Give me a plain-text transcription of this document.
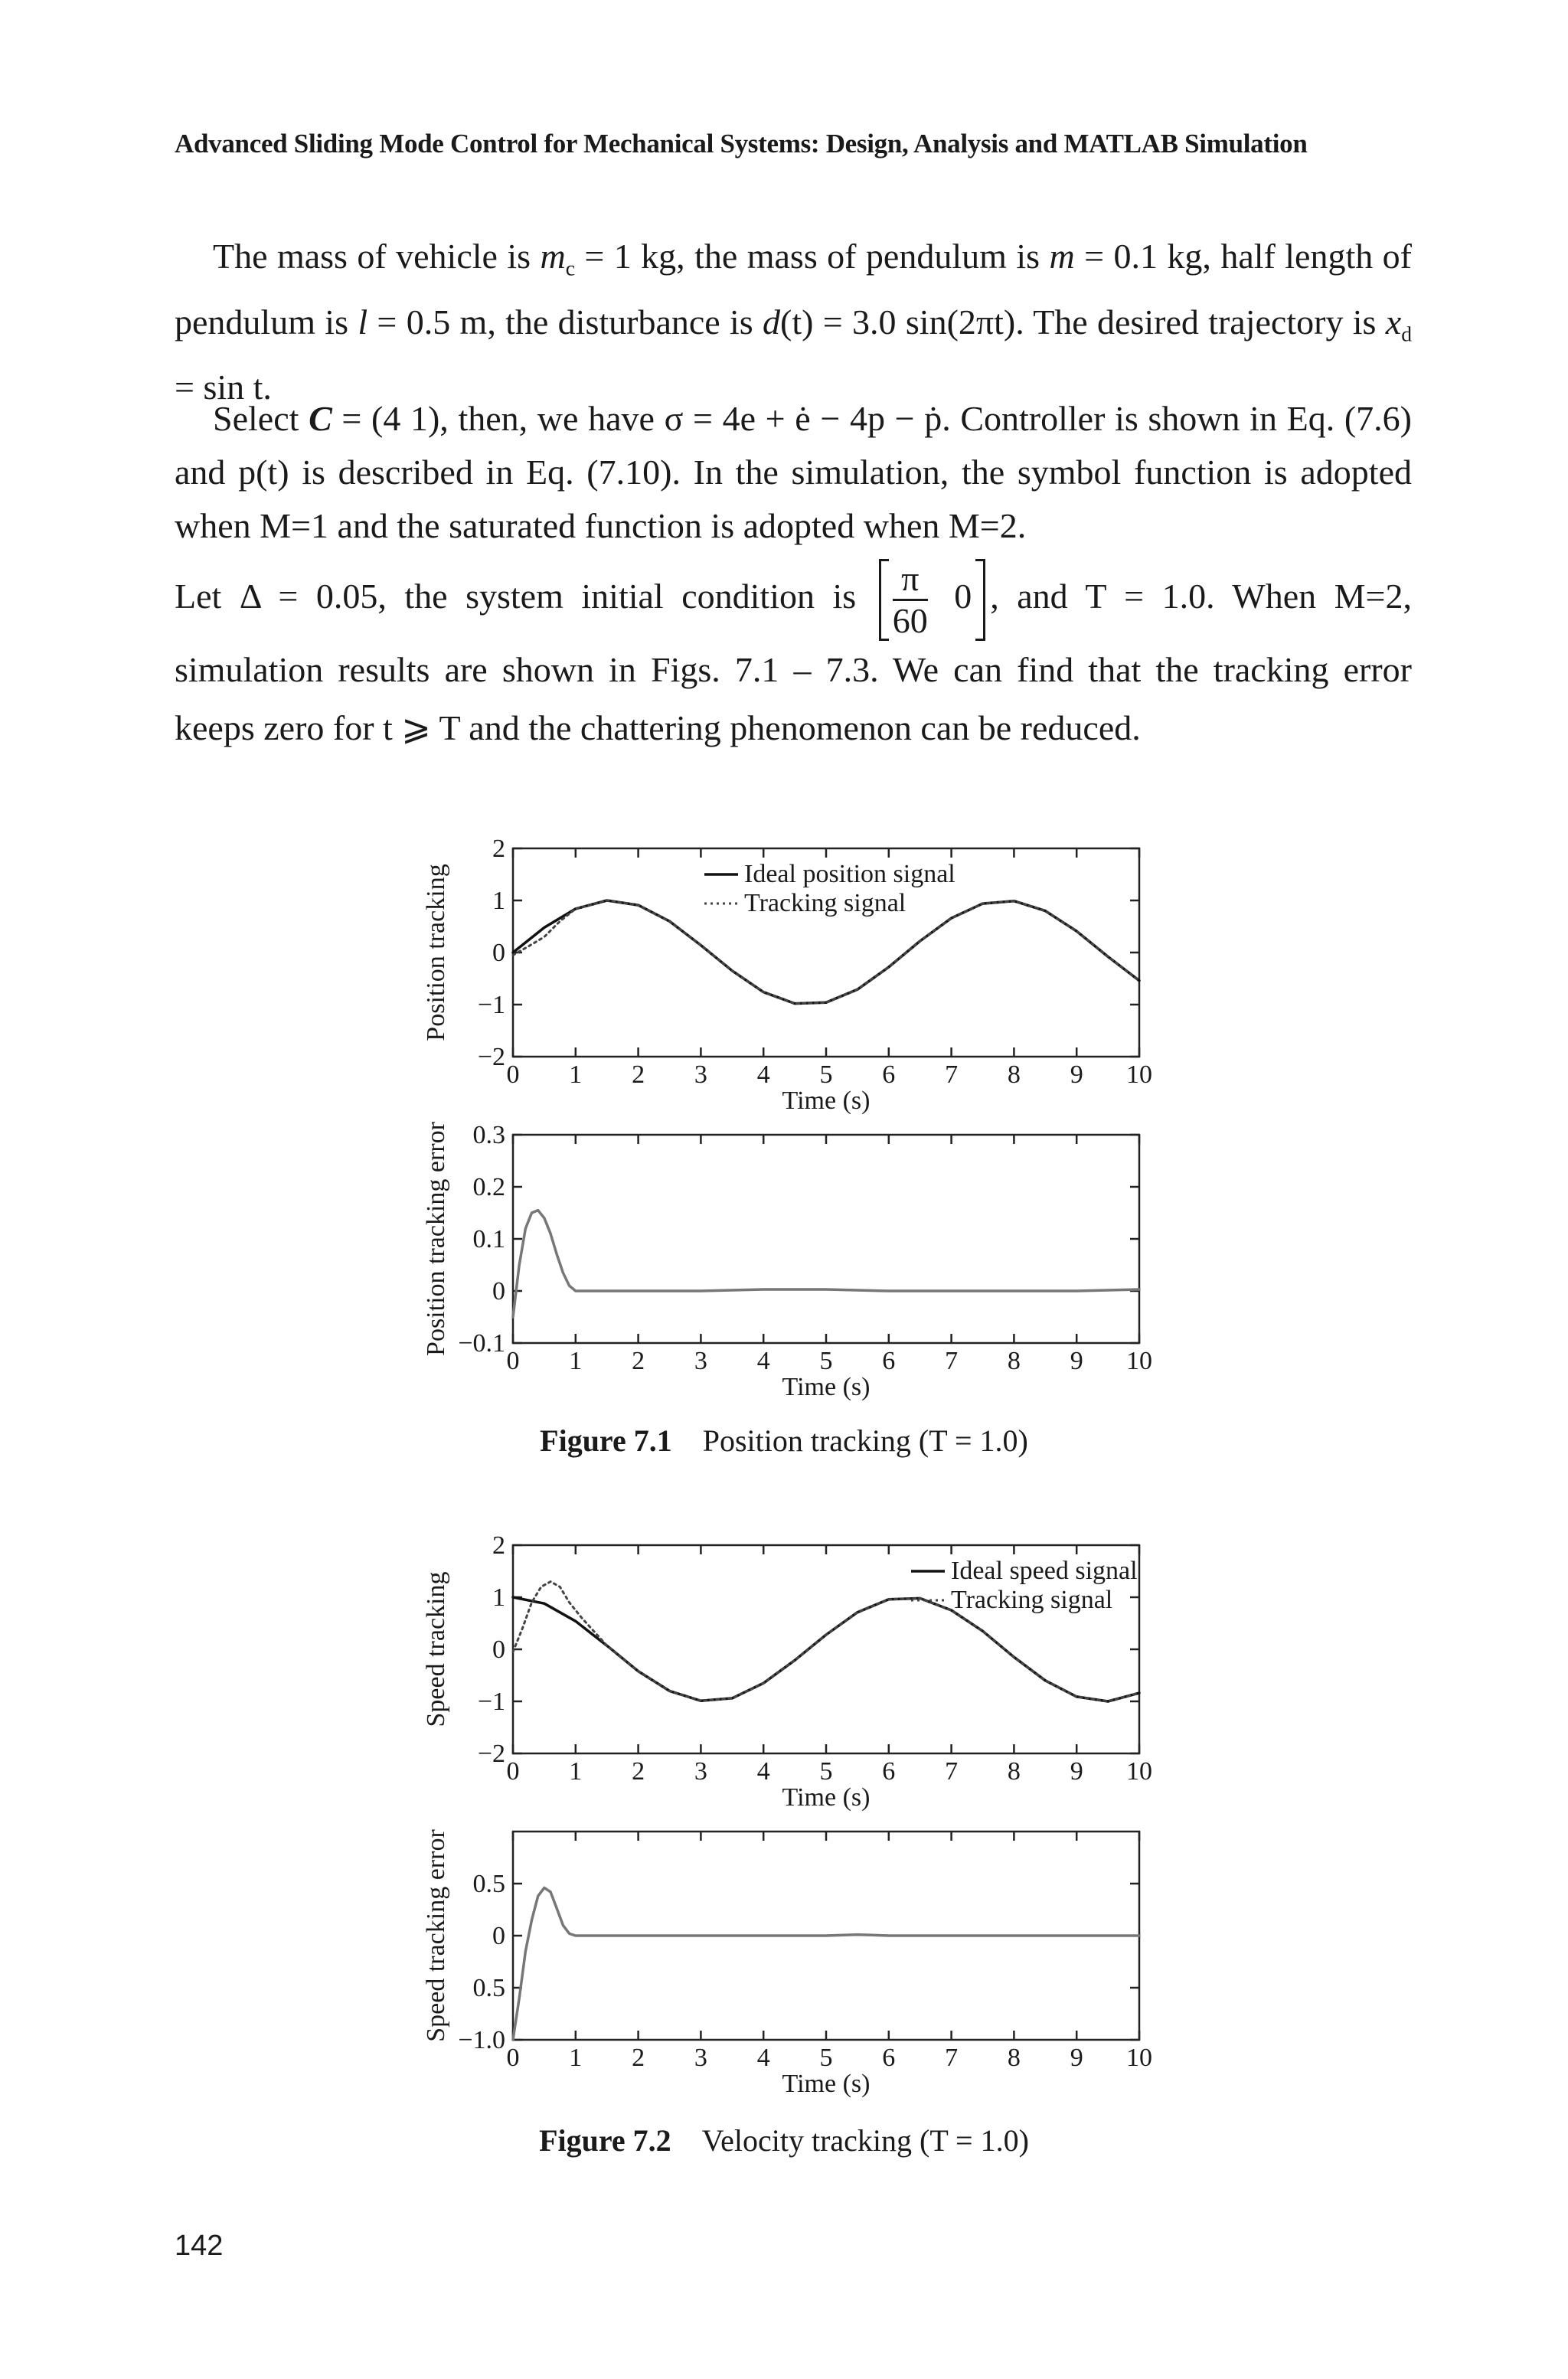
Advanced Sliding Mode Control for Mechanical Systems: Design, Analysis and MATLAB Simulation
The mass of vehicle is $m_c = 1$ kg, the mass of pendulum is m = 0.1 kg, half length of pendulum is l = 0.5 m, the disturbance is d(t) = 3.0 sin(2πt). The desired trajectory is $x_d = \sin t$.
Select C = (4 1), then, we have σ = 4e + ė − 4p − ṗ. Controller is shown in Eq. (7.6) and p(t) is described in Eq. (7.10). In the simulation, the symbol function is adopted when M=1 and the saturated function is adopted when M=2.
Let Δ = 0.05, the system initial condition is $\frac{\pi}{60} 0$ , and T = 1.0. When M=2, simulation results are shown in Figs. 7.1 – 7.3. We can find that the tracking error keeps zero for t ⩾ T and the chattering phenomenon can be reduced.
0 1 2 3 4 5 6 7 8 9 10
2
1
0
−1
−2
Time (s)
Position tracking	Ideal position signal
Tracking signal
0 1 2 3 4 5 6 7 8 9 10
0.3
0.2
0.1
0
−0.1
Time (s)
Position tracking error
Figure 7.1 Position tracking (T = 1.0)
0 1 2 3 4 5 6 7 8 9 10
2
1
0
−1
−2
Time (s)
Speed tracking
Ideal speed signal
Tracking signal
0 1 2 3 4 5 6 7 8 9 10
0.5
0
0.5
−1.0
Time (s)
Speed tracking error
Figure 7.2 Velocity tracking (T = 1.0)
142
